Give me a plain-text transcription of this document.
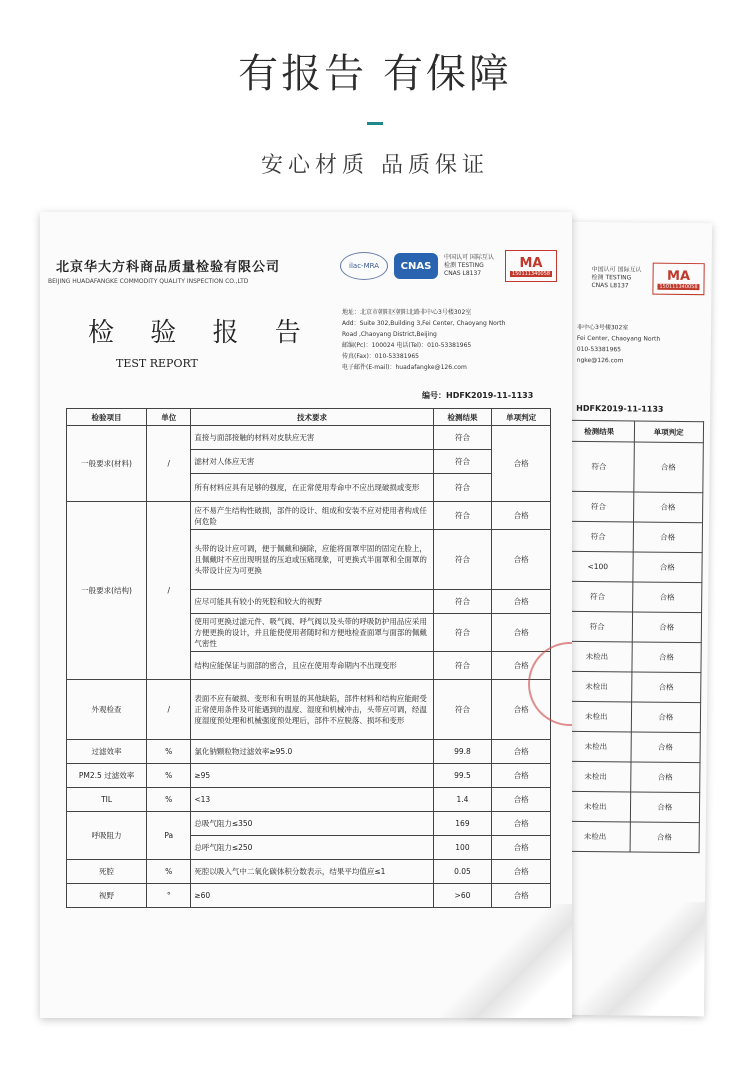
有报告 有保障
安心材质 品质保证
中国认可 国际互认 检测 TESTING CNAS L8137
MA
150111340058
非中心3号楼302室
Fei Center, Chaoyang North
010-53381965
ngke@126.com
HDFK2019-11-1133
检测结果	单项判定
符合	合格
符合	合格
符合	合格
<100	合格
符合	合格
符合	合格
未检出	合格
未检出	合格
未检出	合格
未检出	合格
未检出	合格
未检出	合格
未检出	合格
北京华大方科商品质量检验有限公司
BEIJING HUADAFANGKE COMMODITY QUALITY INSPECTION CO.,LTD
ilac-MRA	CNAS
中国认可 国际互认 检测 TESTING CNAS L8137
MA
150111340058
检 验 报 告
TEST REPORT
地址：北京市朝阳区朝阳北路非中心3号楼302室
Add：Suite 302,Building 3,Fei Center, Chaoyang North
Road ,Chaoyang District,Beijing
邮编(Pc)：100024 电话(Tel)：010-53381965
传真(Fax)：010-53381965
电子邮件(E-mail)：huadafangke@126.com
编号：HDFK2019-11-1133
检验项目	单位	技术要求	检测结果	单项判定
一般要求(材料)	/	直接与面部接触的材料对皮肤应无害	符合	合格
		滤材对人体应无害	符合	
		所有材料应具有足够的强度，在正常使用寿命中不应出现破损或变形	符合	
一般要求(结构)	/	应不易产生结构性破损，部件的设计、组成和安装不应对使用者构成任何危险	符合	合格
		头带的设计应可调，便于佩戴和摘除，应能将面罩牢固的固定在脸上，且佩戴时不应出现明显的压迫或压痛现象，可更换式半面罩和全面罩的头带设计应为可更换	符合	合格
		应尽可能具有较小的死腔和较大的视野	符合	合格
		使用可更换过滤元件、吸气阀、呼气阀以及头带的呼吸防护用品应采用方便更换的设计，并且能使使用者随时和方便地检查面罩与面部的佩戴气密性	符合	合格
		结构应能保证与面部的密合，且应在使用寿命期内不出现变形	符合	合格
外观检查	/	表面不应有破损、变形和有明显的其他缺陷，部件材料和结构应能耐受正常使用条件及可能遇到的温度、湿度和机械冲击，头带应可调，经温度湿度预处理和机械强度预处理后，部件不应脱落、损坏和变形	符合	合格
过滤效率	%	氯化钠颗粒物过滤效率≥95.0	99.8	合格
PM2.5 过滤效率	%	≥95	99.5	合格
TIL	%	<13	1.4	合格
呼吸阻力	Pa	总吸气阻力≤350	169	合格
		总呼气阻力≤250	100	合格
死腔	%	死腔以吸入气中二氧化碳体积分数表示，结果平均值应≤1	0.05	合格
视野	°	≥60	>60	合格
